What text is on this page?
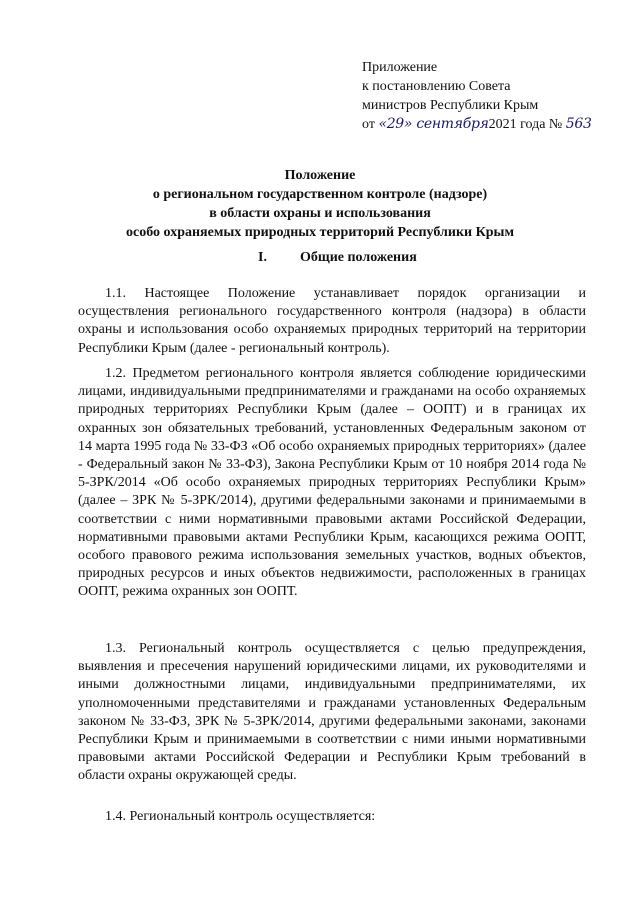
Приложение
к постановлению Совета
министров Республики Крым
от «29» сентября2021 года № 563
Положение
о региональном государственном контроле (надзоре)
в области охраны и использования
особо охраняемых природных территорий Республики Крым
I. Общие положения
1.1. Настоящее Положение устанавливает порядок организации и осуществления регионального государственного контроля (надзора) в области охраны и использования особо охраняемых природных территорий на территории Республики Крым (далее - региональный контроль).
1.2. Предметом регионального контроля является соблюдение юридическими лицами, индивидуальными предпринимателями и гражданами на особо охраняемых природных территориях Республики Крым (далее – ООПТ) и в границах их охранных зон обязательных требований, установленных Федеральным законом от 14 марта 1995 года № 33-ФЗ «Об особо охраняемых природных территориях» (далее - Федеральный закон № 33-ФЗ), Закона Республики Крым от 10 ноября 2014 года № 5-ЗРК/2014 «Об особо охраняемых природных территориях Республики Крым» (далее – ЗРК № 5-ЗРК/2014), другими федеральными законами и принимаемыми в соответствии с ними нормативными правовыми актами Российской Федерации, нормативными правовыми актами Республики Крым, касающихся режима ООПТ, особого правового режима использования земельных участков, водных объектов, природных ресурсов и иных объектов недвижимости, расположенных в границах ООПТ, режима охранных зон ООПТ.
1.3. Региональный контроль осуществляется с целью предупреждения, выявления и пресечения нарушений юридическими лицами, их руководителями и иными должностными лицами, индивидуальными предпринимателями, их уполномоченными представителями и гражданами установленных Федеральным законом № 33-ФЗ, ЗРК № 5-ЗРК/2014, другими федеральными законами, законами Республики Крым и принимаемыми в соответствии с ними иными нормативными правовыми актами Российской Федерации и Республики Крым требований в области охраны окружающей среды.
1.4. Региональный контроль осуществляется:
